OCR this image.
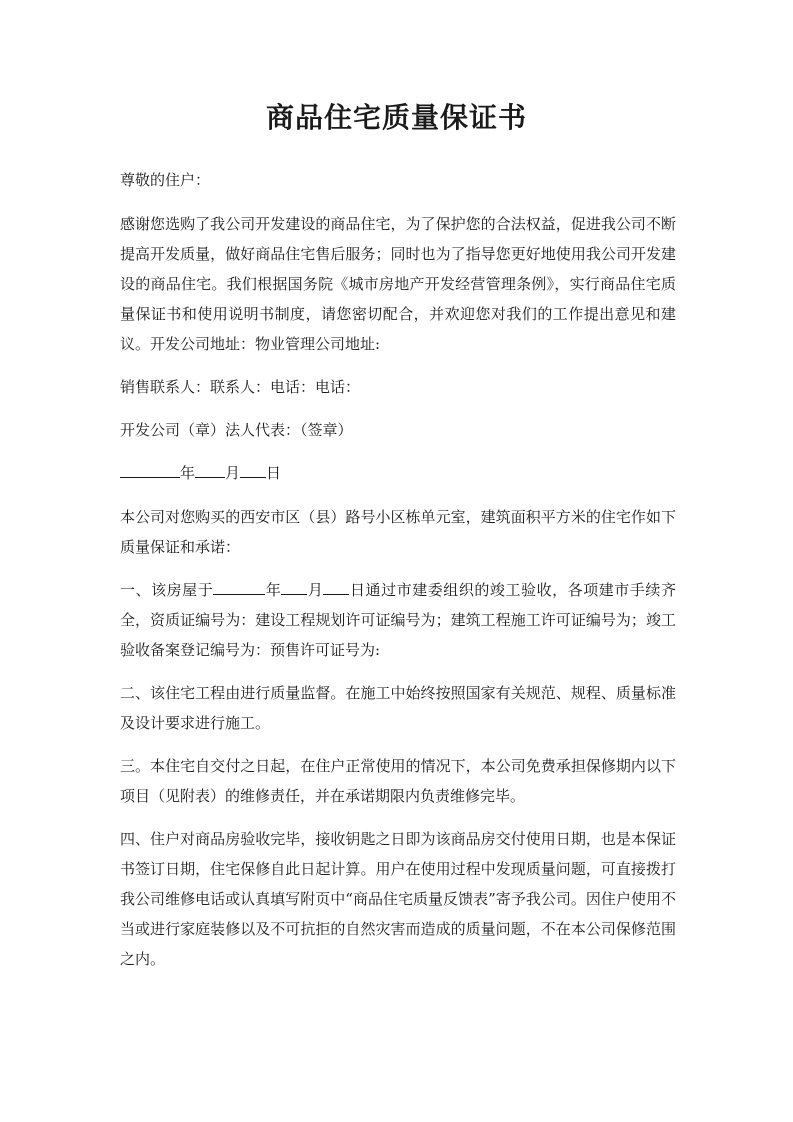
商品住宅质量保证书

尊敬的住户：

感谢您选购了我公司开发建设的商品住宅，为了保护您的合法权益，促进我公司不断提高开发质量，做好商品住宅售后服务；同时也为了指导您更好地使用我公司开发建设的商品住宅。我们根据国务院《城市房地产开发经营管理条例》，实行商品住宅质量保证书和使用说明书制度，请您密切配合，并欢迎您对我们的工作提出意见和建议。开发公司地址：物业管理公司地址:

销售联系人：联系人：电话：电话：

开发公司（章）法人代表：（签章）

年 月 日

本公司对您购买的西安市区（县）路号小区栋单元室，建筑面积平方米的住宅作如下质量保证和承诺：

一、该房屋于	年 月 日通过市建委组织的竣工验收，各项建市手续齐全，资质证编号为：建设工程规划许可证编号为；建筑工程施工许可证编号为；竣工验收备案登记编号为：预售许可证号为:

二、该住宅工程由进行质量监督。在施工中始终按照国家有关规范、规程、质量标准及设计要求进行施工。

三。本住宅自交付之日起，在住户正常使用的情况下，本公司免费承担保修期内以下项目（见附表）的维修责任，并在承诺期限内负责维修完毕。

四、住户对商品房验收完毕，接收钥匙之日即为该商品房交付使用日期，也是本保证书签订日期，住宅保修自此日起计算。用户在使用过程中发现质量问题，可直接拨打我公司维修电话或认真填写附页中“商品住宅质量反馈表”寄予我公司。因住户使用不当或进行家庭装修以及不可抗拒的自然灾害而造成的质量问题，不在本公司保修范围之内。
